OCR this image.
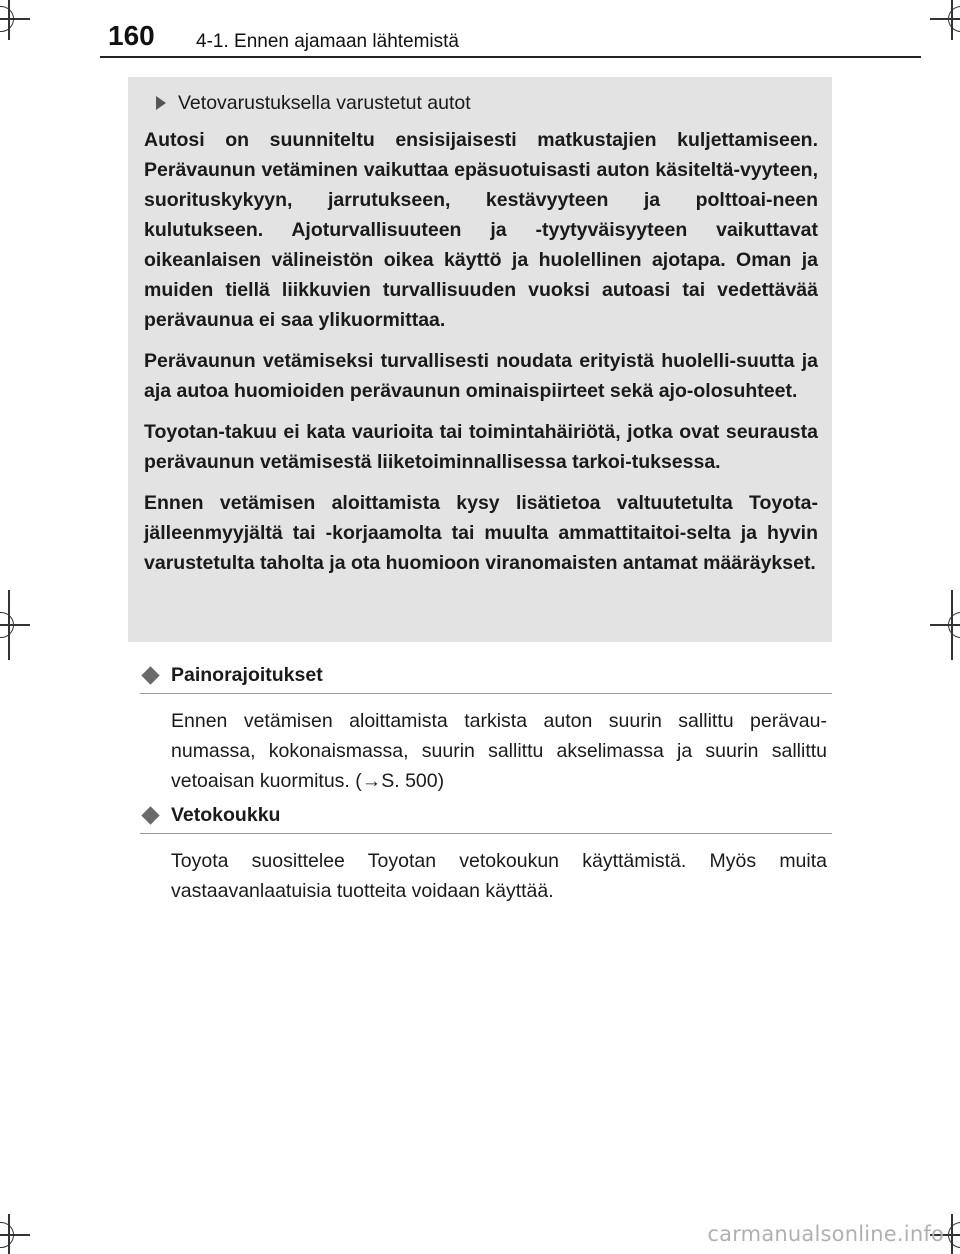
160 4-1. Ennen ajamaan lähtemistä
Vetovarustuksella varustetut autot

Autosi on suunniteltu ensisijaisesti matkustajien kuljettamiseen. Perävaunun vetäminen vaikuttaa epäsuotuisasti auton käsiteltä-vyyteen, suorituskykyyn, jarrutukseen, kestävyyteen ja polttoai-neen kulutukseen. Ajoturvallisuuteen ja -tyytyväisyyteen vaikuttavat oikeanlaisen välineistön oikea käyttö ja huolellinen ajotapa. Oman ja muiden tiellä liikkuvien turvallisuuden vuoksi autoasi tai vedettävää perävaunua ei saa ylikuormittaa.

Perävaunun vetämiseksi turvallisesti noudata erityistä huolelli-suutta ja aja autoa huomioiden perävaunun ominaispiirteet sekä ajo-olosuhteet.

Toyotan-takuu ei kata vaurioita tai toimintahäiriötä, jotka ovat seurausta perävaunun vetämisestä liiketoiminnallisessa tarkoi-tuksessa.

Ennen vetämisen aloittamista kysy lisätietoa valtuutetulta Toyota-jälleenmyyjältä tai -korjaamolta tai muulta ammattitaitoi-selta ja hyvin varustetulta taholta ja ota huomioon viranomaisten antamat määräykset.

Painorajoitukset
Ennen vetämisen aloittamista tarkista auton suurin sallittu perävau-numassa, kokonaismassa, suurin sallittu akselimassa ja suurin sallittu vetoaisan kuormitus. (→S. 500)
Vetokoukku
Toyota suosittelee Toyotan vetokoukun käyttämistä. Myös muita vastaavanlaatuisia tuotteita voidaan käyttää.
carmanualsonline.info
